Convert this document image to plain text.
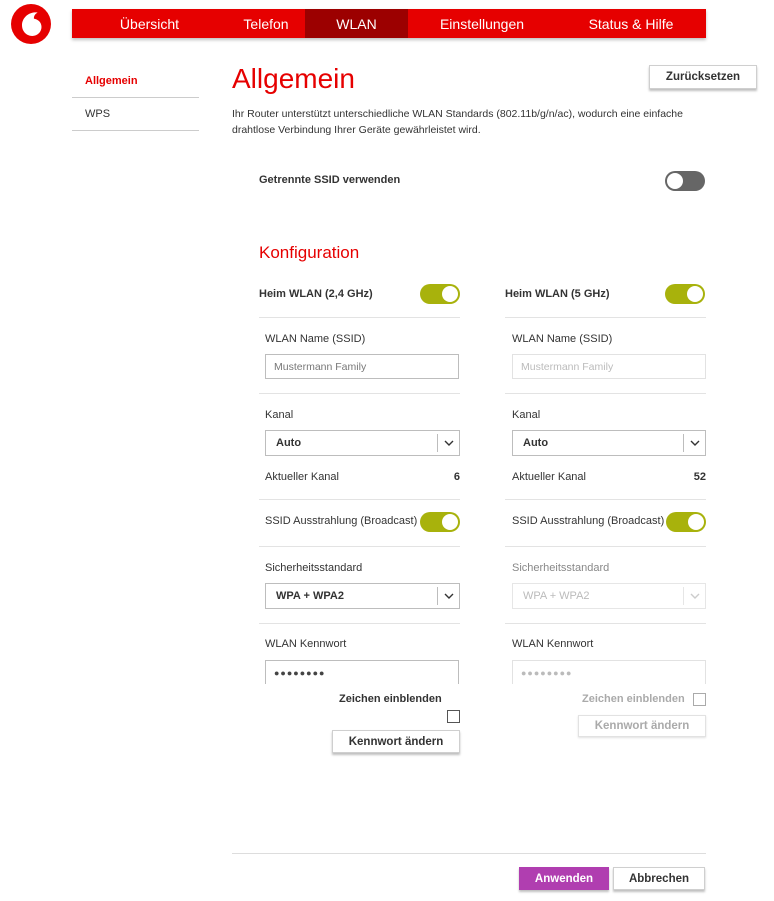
Übersicht	Telefon	WLAN	Einstellungen	Status & Hilfe
Allgemein
WPS
Allgemein	Zurücksetzen

Ihr Router unterstützt unterschiedliche WLAN Standards (802.11b/g/n/ac), wodurch eine einfache drahtlose Verbindung Ihrer Geräte gewährleistet wird.

Getrennte SSID verwenden
Konfiguration
Heim WLAN (2,4 GHz)
WLAN Name (SSID)
Mustermann Family
Kanal
Auto
Aktueller Kanal	6
SSID Ausstrahlung (Broadcast)
Sicherheitsstandard
WPA + WPA2
WLAN Kennwort
●●●●●●●●
Zeichen einblenden
Kennwort ändern
Heim WLAN (5 GHz)
WLAN Name (SSID)
Mustermann Family
Kanal
Auto
Aktueller Kanal	52
SSID Ausstrahlung (Broadcast)
Sicherheitsstandard
WPA + WPA2
WLAN Kennwort
●●●●●●●●
Zeichen einblenden
Kennwort ändern
Anwenden	Abbrechen
